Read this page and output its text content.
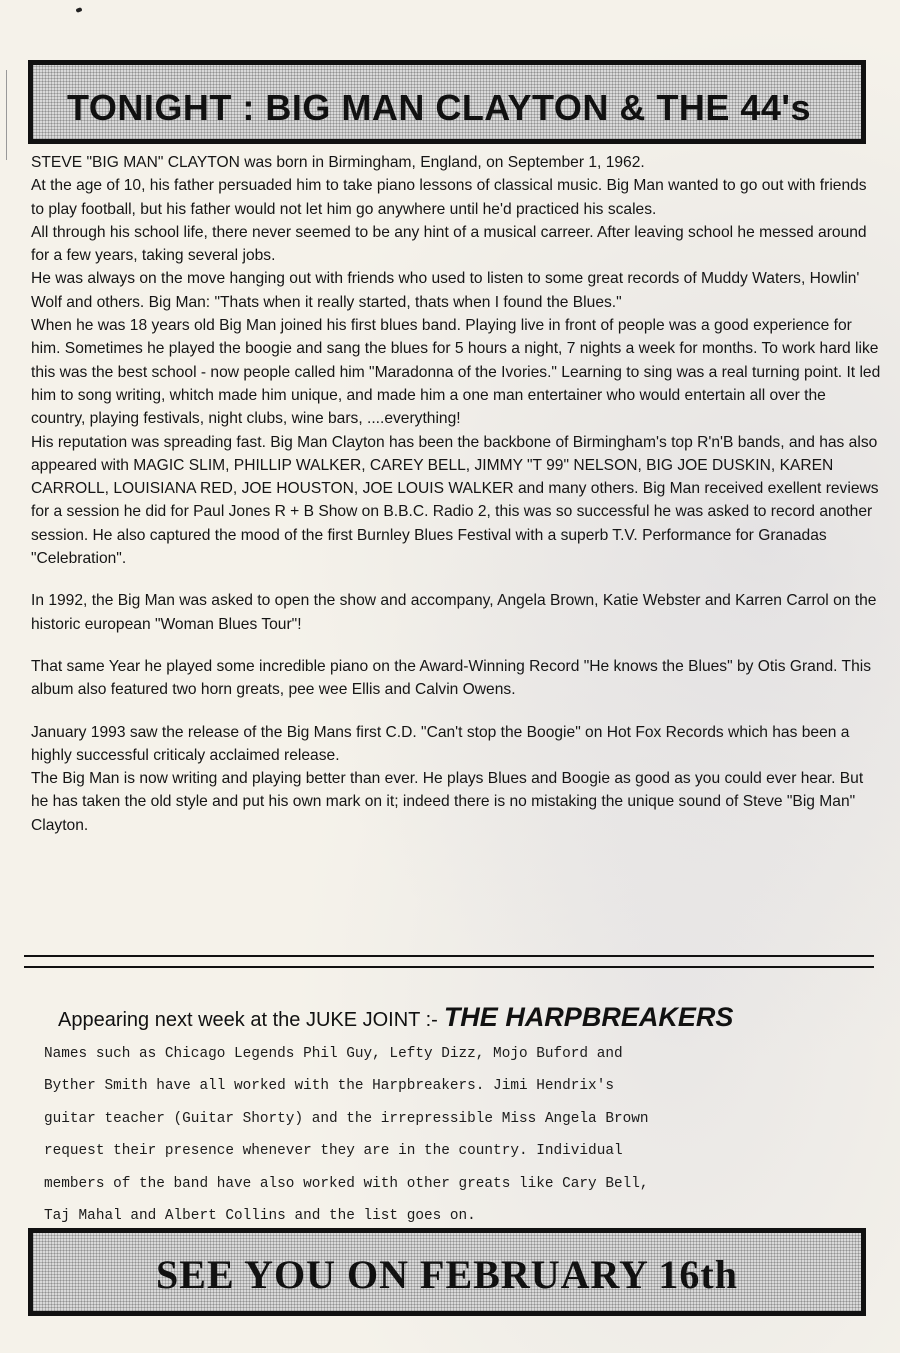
TONIGHT : BIG MAN CLAYTON & THE 44's

STEVE "BIG MAN" CLAYTON was born in Birmingham, England, on September 1, 1962.

At the age of 10, his father persuaded him to take piano lessons of classical music. Big Man wanted to go out with friends to play football, but his father would not let him go anywhere until he'd practiced his scales.

All through his school life, there never seemed to be any hint of a musical carreer. After leaving school he messed around for a few years, taking several jobs.

He was always on the move hanging out with friends who used to listen to some great records of Muddy Waters, Howlin' Wolf and others. Big Man: "Thats when it really started, thats when I found the Blues."

When he was 18 years old Big Man joined his first blues band. Playing live in front of people was a good experience for him. Sometimes he played the boogie and sang the blues for 5 hours a night, 7 nights a week for months. To work hard like this was the best school - now people called him "Maradonna of the Ivories." Learning to sing was a real turning point. It led him to song writing, whitch made him unique, and made him a one man entertainer who would entertain all over the country, playing festivals, night clubs, wine bars, ....everything!

His reputation was spreading fast. Big Man Clayton has been the backbone of Birmingham's top R'n'B bands, and has also appeared with MAGIC SLIM, PHILLIP WALKER, CAREY BELL, JIMMY "T 99" NELSON, BIG JOE DUSKIN, KAREN CARROLL, LOUISIANA RED, JOE HOUSTON, JOE LOUIS WALKER and many others. Big Man received exellent reviews for a session he did for Paul Jones R + B Show on B.B.C. Radio 2, this was so successful he was asked to record another session. He also captured the mood of the first Burnley Blues Festival with a superb T.V. Performance for Granadas "Celebration".

In 1992, the Big Man was asked to open the show and accompany, Angela Brown, Katie Webster and Karren Carrol on the historic european "Woman Blues Tour"!

That same Year he played some incredible piano on the Award-Winning Record "He knows the Blues" by Otis Grand. This album also featured two horn greats, pee wee Ellis and Calvin Owens.

January 1993 saw the release of the Big Mans first C.D. "Can't stop the Boogie" on Hot Fox Records which has been a highly successful criticaly acclaimed release.

The Big Man is now writing and playing better than ever. He plays Blues and Boogie as good as you could ever hear. But he has taken the old style and put his own mark on it; indeed there is no mistaking the unique sound of Steve "Big Man" Clayton.

Appearing next week at the JUKE JOINT :- THE HARPBREAKERS

Names such as Chicago Legends Phil Guy, Lefty Dizz, Mojo Buford and

Byther Smith have all worked with the Harpbreakers. Jimi Hendrix's

guitar teacher (Guitar Shorty) and the irrepressible Miss Angela Brown

request their presence whenever they are in the country. Individual

members of the band have also worked with other greats like Cary Bell,

Taj Mahal and Albert Collins and the list goes on.

SEE YOU ON FEBRUARY 16th
